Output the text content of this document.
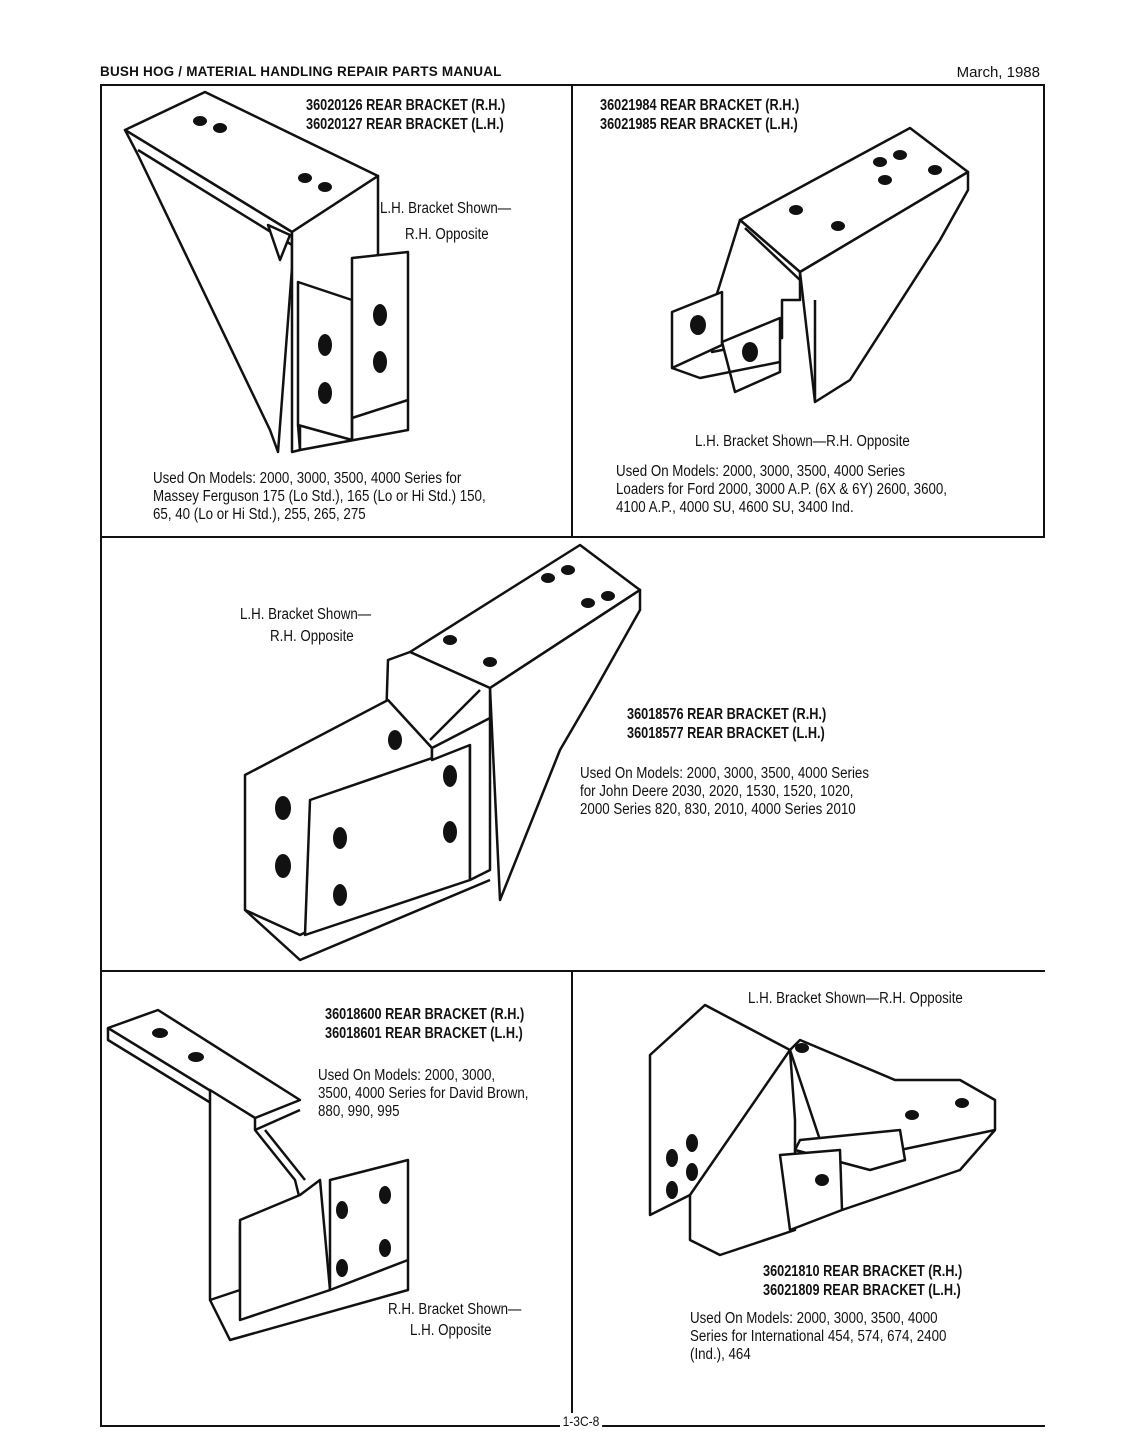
BUSH HOG / MATERIAL HANDLING REPAIR PARTS MANUAL	March, 1988
36020126 REAR BRACKET (R.H.)
36020127 REAR BRACKET (L.H.)
L.H. Bracket Shown—
R.H. Opposite
Used On Models: 2000, 3000, 3500, 4000 Series for
Massey Ferguson 175 (Lo Std.), 165 (Lo or Hi Std.) 150,
65, 40 (Lo or Hi Std.), 255, 265, 275
36021984 REAR BRACKET (R.H.)
36021985 REAR BRACKET (L.H.)
L.H. Bracket Shown—R.H. Opposite
Used On Models: 2000, 3000, 3500, 4000 Series
Loaders for Ford 2000, 3000 A.P. (6X & 6Y) 2600, 3600,
4100 A.P., 4000 SU, 4600 SU, 3400 Ind.
L.H. Bracket Shown—
R.H. Opposite
36018576 REAR BRACKET (R.H.)
36018577 REAR BRACKET (L.H.)
Used On Models: 2000, 3000, 3500, 4000 Series
for John Deere 2030, 2020, 1530, 1520, 1020,
2000 Series 820, 830, 2010, 4000 Series 2010
36018600 REAR BRACKET (R.H.)
36018601 REAR BRACKET (L.H.)
Used On Models: 2000, 3000,
3500, 4000 Series for David Brown,
880, 990, 995
R.H. Bracket Shown—
L.H. Opposite
L.H. Bracket Shown—R.H. Opposite
36021810 REAR BRACKET (R.H.)
36021809 REAR BRACKET (L.H.)
Used On Models: 2000, 3000, 3500, 4000
Series for International 454, 574, 674, 2400
(Ind.), 464
1-3C-8
